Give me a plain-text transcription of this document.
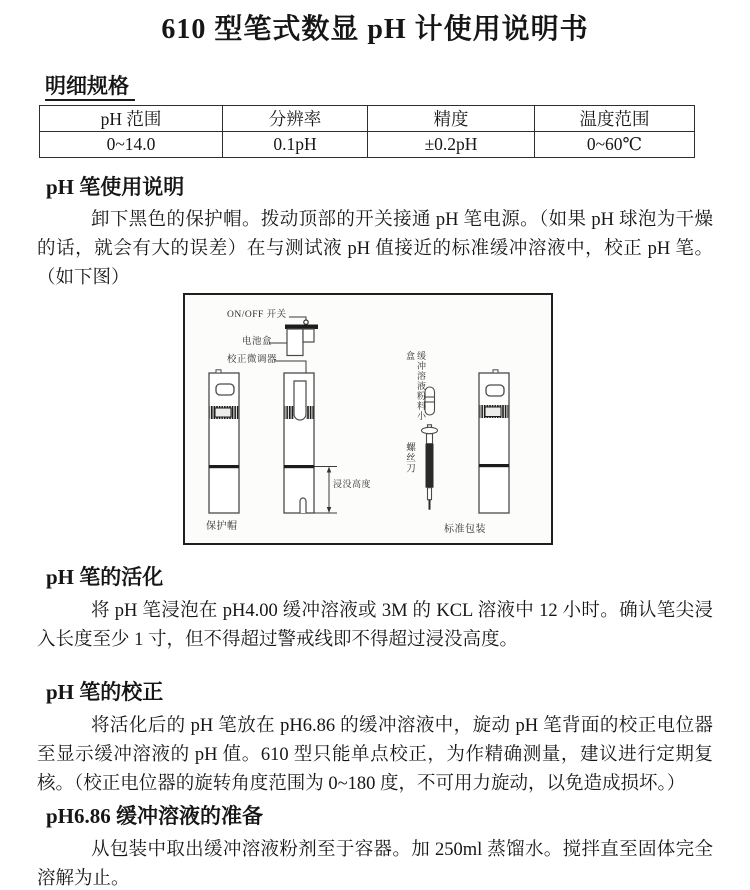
610 型笔式数显 pH 计使用说明书
明细规格
pH 范围	分辨率	精度	温度范围
0~14.0	0.1pH	±0.2pH	0~60℃
pH 笔使用说明

卸下黑色的保护帽。拨动顶部的开关接通 pH 笔电源。（如果 pH 球泡为干燥的话，就会有大的误差）在与测试液 pH 值接近的标准缓冲溶液中，校正 pH 笔。（如下图）

ON/OFF 开关
电池盒
校正微调器	缓冲溶液粉料小盒
螺丝刀
浸没高度
保护帽	标准包装
pH 笔的活化

将 pH 笔浸泡在 pH4.00 缓冲溶液或 3M 的 KCL 溶液中 12 小时。确认笔尖浸入长度至少 1 寸，但不得超过警戒线即不得超过浸没高度。

pH 笔的校正

将活化后的 pH 笔放在 pH6.86 的缓冲溶液中，旋动 pH 笔背面的校正电位器至显示缓冲溶液的 pH 值。610 型只能单点校正，为作精确测量，建议进行定期复核。（校正电位器的旋转角度范围为 0~180 度，不可用力旋动，以免造成损坏。）

pH6.86 缓冲溶液的准备

从包装中取出缓冲溶液粉剂至于容器。加 250ml 蒸馏水。搅拌直至固体完全溶解为止。
